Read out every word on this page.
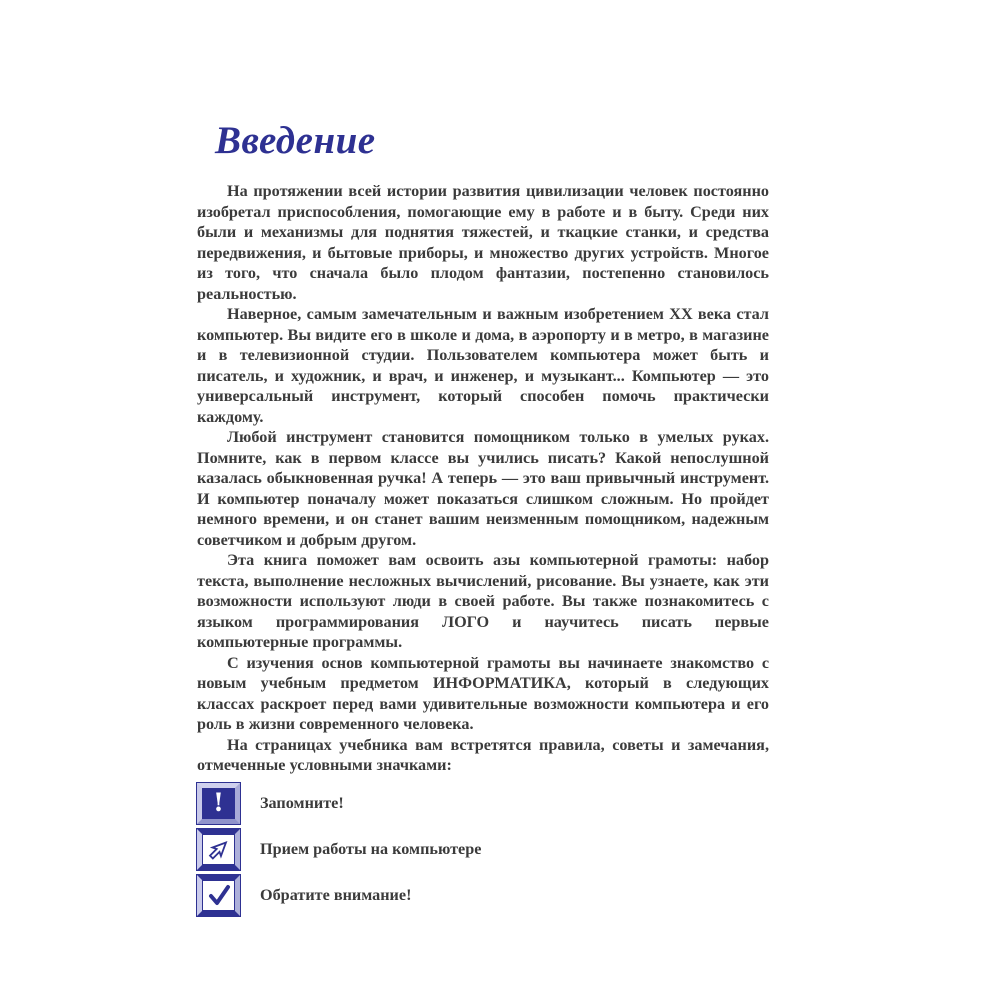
Введение

На протяжении всей истории развития цивилизации человек постоянно изобретал приспособления, помогающие ему в работе и в быту. Среди них были и механизмы для поднятия тяжестей, и ткацкие станки, и средства передвижения, и бытовые приборы, и множество других устройств. Многое из того, что сначала было плодом фантазии, постепенно становилось реальностью.

Наверное, самым замечательным и важным изобретением XX века стал компьютер. Вы видите его в школе и дома, в аэропорту и в метро, в магазине и в телевизионной студии. Пользователем компьютера может быть и писатель, и художник, и врач, и инженер, и музыкант... Компьютер — это универсальный инструмент, который способен помочь практически каждому.

Любой инструмент становится помощником только в умелых руках. Помните, как в первом классе вы учились писать? Какой непослушной казалась обыкновенная ручка! А теперь — это ваш привычный инструмент. И компьютер поначалу может показаться слишком сложным. Но пройдет немного времени, и он станет вашим неизменным помощником, надежным советчиком и добрым другом.

Эта книга поможет вам освоить азы компьютерной грамоты: набор текста, выполнение несложных вычислений, рисование. Вы узнаете, как эти возможности используют люди в своей работе. Вы также познакомитесь с языком программирования ЛОГО и научитесь писать первые компьютерные программы.

С изучения основ компьютерной грамоты вы начинаете знакомство с новым учебным предметом ИНФОРМАТИКА, который в следующих классах раскроет перед вами удивительные возможности компьютера и его роль в жизни современного человека.

На страницах учебника вам встретятся правила, советы и замечания, отмеченные условными значками:

! Запомните!
Прием работы на компьютере
Обратите внимание!
